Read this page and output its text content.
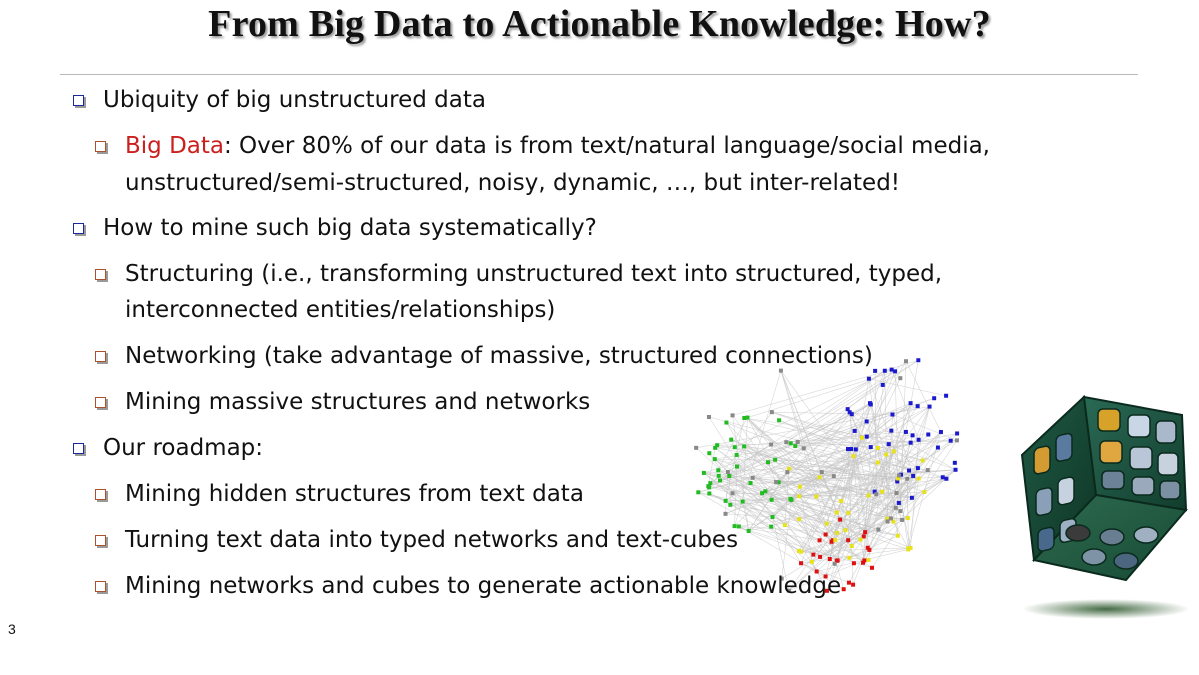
From Big Data to Actionable Knowledge: How?
Ubiquity of big unstructured data
Big Data: Over 80% of our data is from text/natural language/social media,
unstructured/semi-structured, noisy, dynamic, …, but inter-related!
How to mine such big data systematically?
Structuring (i.e., transforming unstructured text into structured, typed,
interconnected entities/relationships)
Networking (take advantage of massive, structured connections)
Mining massive structures and networks
Our roadmap:
Mining hidden structures from text data
Turning text data into typed networks and text-cubes
Mining networks and cubes to generate actionable knowledge
3
